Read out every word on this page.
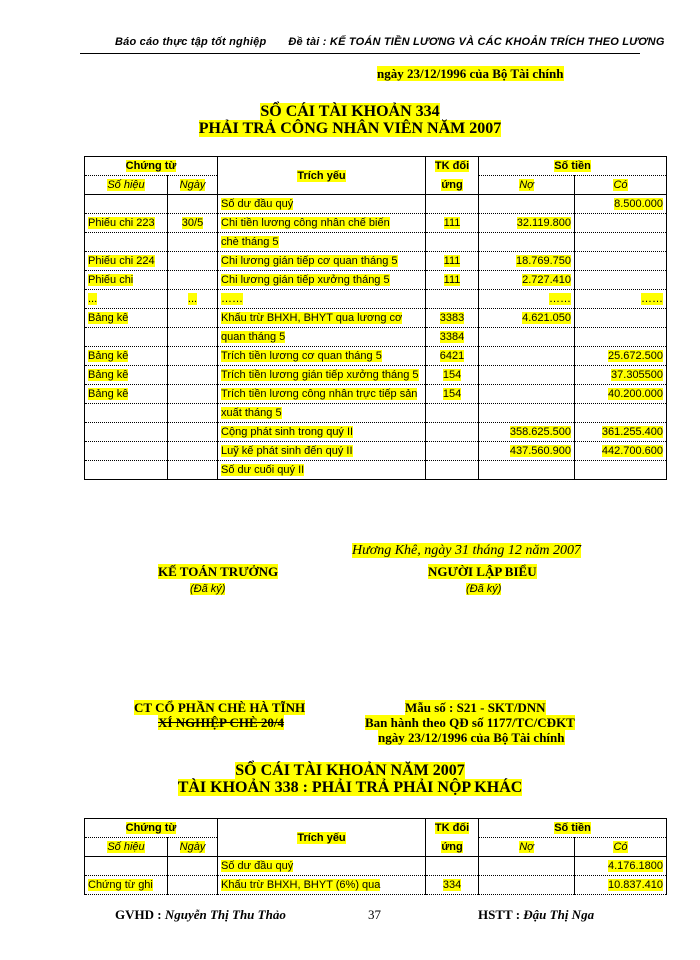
Báo cáo thực tập tốt nghiệp Đề tài : KẾ TOÁN TIỀN LƯƠNG VÀ CÁC KHOẢN TRÍCH THEO LƯƠNG
ngày 23/12/1996 của Bộ Tài chính
SỔ CÁI TÀI KHOẢN 334
PHẢI TRẢ CÔNG NHÂN VIÊN NĂM 2007
Chứng từ		Trích yếu	TK đối	Số tiền	
Số hiệu	Ngày		ứng	Nợ	Có
		Số dư đầu quý			8.500.000
Phiếu chi 223	30/5	Chi tiền lương công nhân chế biến	111	32.119.800	
		chè tháng 5			
Phiếu chi 224		Chi lương gián tiếp cơ quan tháng 5	111	18.769.750	
Phiếu chi		Chi lương gián tiếp xưởng tháng 5	111	2.727.410	
...	...	……		……	……
Bảng kê		Khấu trừ BHXH, BHYT qua lương cơ	3383	4.621.050	
		quan tháng 5	3384		
Bảng kê		Trích tiền lương cơ quan tháng 5	6421		25.672.500
Bảng kê		Trích tiền lương gián tiếp xưởng tháng 5	154		37.305500
Bảng kê		Trích tiền lương công nhân trực tiếp sản	154		40.200.000
		xuất tháng 5			
		Cộng phát sinh trong quý II		358.625.500	361.255.400
		Luỹ kế phát sinh đến quý II		437.560.900	442.700.600
		Số dư cuối quý II			
Hương Khê, ngày 31 tháng 12 năm 2007
KẾ TOÁN TRƯỞNG
(Đã ký)
NGƯỜI LẬP BIỂU
(Đã ký)
CT CỔ PHẦN CHÈ HÀ TĨNH
XÍ NGHIỆP CHÈ 20/4
Mẫu số : S21 - SKT/DNN
Ban hành theo QĐ số 1177/TC/CĐKT
ngày 23/12/1996 của Bộ Tài chính
SỔ CÁI TÀI KHOẢN NĂM 2007
TÀI KHOẢN 338 : PHẢI TRẢ PHẢI NỘP KHÁC
Chứng từ		Trích yếu	TK đối	Số tiền	
Số hiệu	Ngày		ứng	Nợ	Có
		Số dư đầu quý			4.176.1800
Chứng từ ghi		Khấu trừ BHXH, BHYT (6%) qua	334		10.837.410
GVHD : Nguyễn Thị Thu Thảo	37	HSTT : Đậu Thị Nga
